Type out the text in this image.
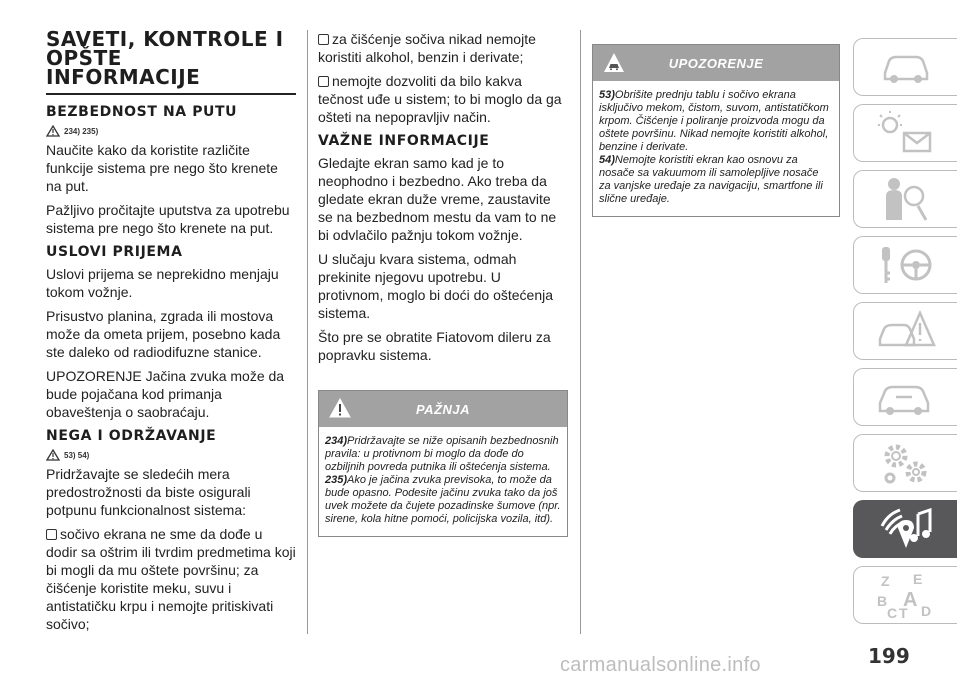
SAVETI, KONTROLE I
OPŠTE
INFORMACIJE
BEZBEDNOST NA PUTU
234) 235)

Naučite kako da koristite različite funkcije sistema pre nego što krenete na put.

Pažljivo pročitajte uputstva za upotrebu sistema pre nego što krenete na put.

USLOVI PRIJEMA

Uslovi prijema se neprekidno menjaju tokom vožnje.

Prisustvo planina, zgrada ili mostova može da ometa prijem, posebno kada ste daleko od radiodifuzne stanice.

UPOZORENJE Jačina zvuka može da bude pojačana kod primanja obaveštenja o saobraćaju.

NEGA I ODRŽAVANJE
53) 54)

Pridržavajte se sledećih mera predostrožnosti da biste osigurali potpunu funkcionalnost sistema:

sočivo ekrana ne sme da dođe u dodir sa oštrim ili tvrdim predmetima koji bi mogli da mu oštete površinu; za čišćenje koristite meku, suvu i antistatičku krpu i nemojte pritiskivati sočivo;

za čišćenje sočiva nikad nemojte koristiti alkohol, benzin i derivate;

nemojte dozvoliti da bilo kakva tečnost uđe u sistem; to bi moglo da ga ošteti na nepopravljiv način.

VAŽNE INFORMACIJE

Gledajte ekran samo kad je to neophodno i bezbedno. Ako treba da gledate ekran duže vreme, zaustavite se na bezbednom mestu da vam to ne bi odvlačilo pažnju tokom vožnje.

U slučaju kvara sistema, odmah prekinite njegovu upotrebu. U protivnom, moglo bi doći do oštećenja sistema.

Što pre se obratite Fiatovom dileru za popravku sistema.

PAŽNJA

234)Pridržavajte se niže opisanih bezbednosnih pravila: u protivnom bi moglo da dođe do ozbiljnih povreda putnika ili oštećenja sistema.

235)Ako je jačina zvuka previsoka, to može da bude opasno. Podesite jačinu zvuka tako da još uvek možete da čujete pozadinske šumove (npr. sirene, kola hitne pomoći, policijska vozila, itd).

UPOZORENJE

53)Obrišite prednju tablu i sočivo ekrana isključivo mekom, čistom, suvom, antistatičkom krpom. Čišćenje i poliranje proizvoda mogu da oštete površinu. Nikad nemojte koristiti alkohol, benzine i derivate.

54)Nemojte koristiti ekran kao osnovu za nosače sa vakuumom ili samolepljive nosače za vanjske uređaje za navigaciju, smartfone ili slične uređaje.

Z E
B A
C T D
carmanualsonline.info	199
